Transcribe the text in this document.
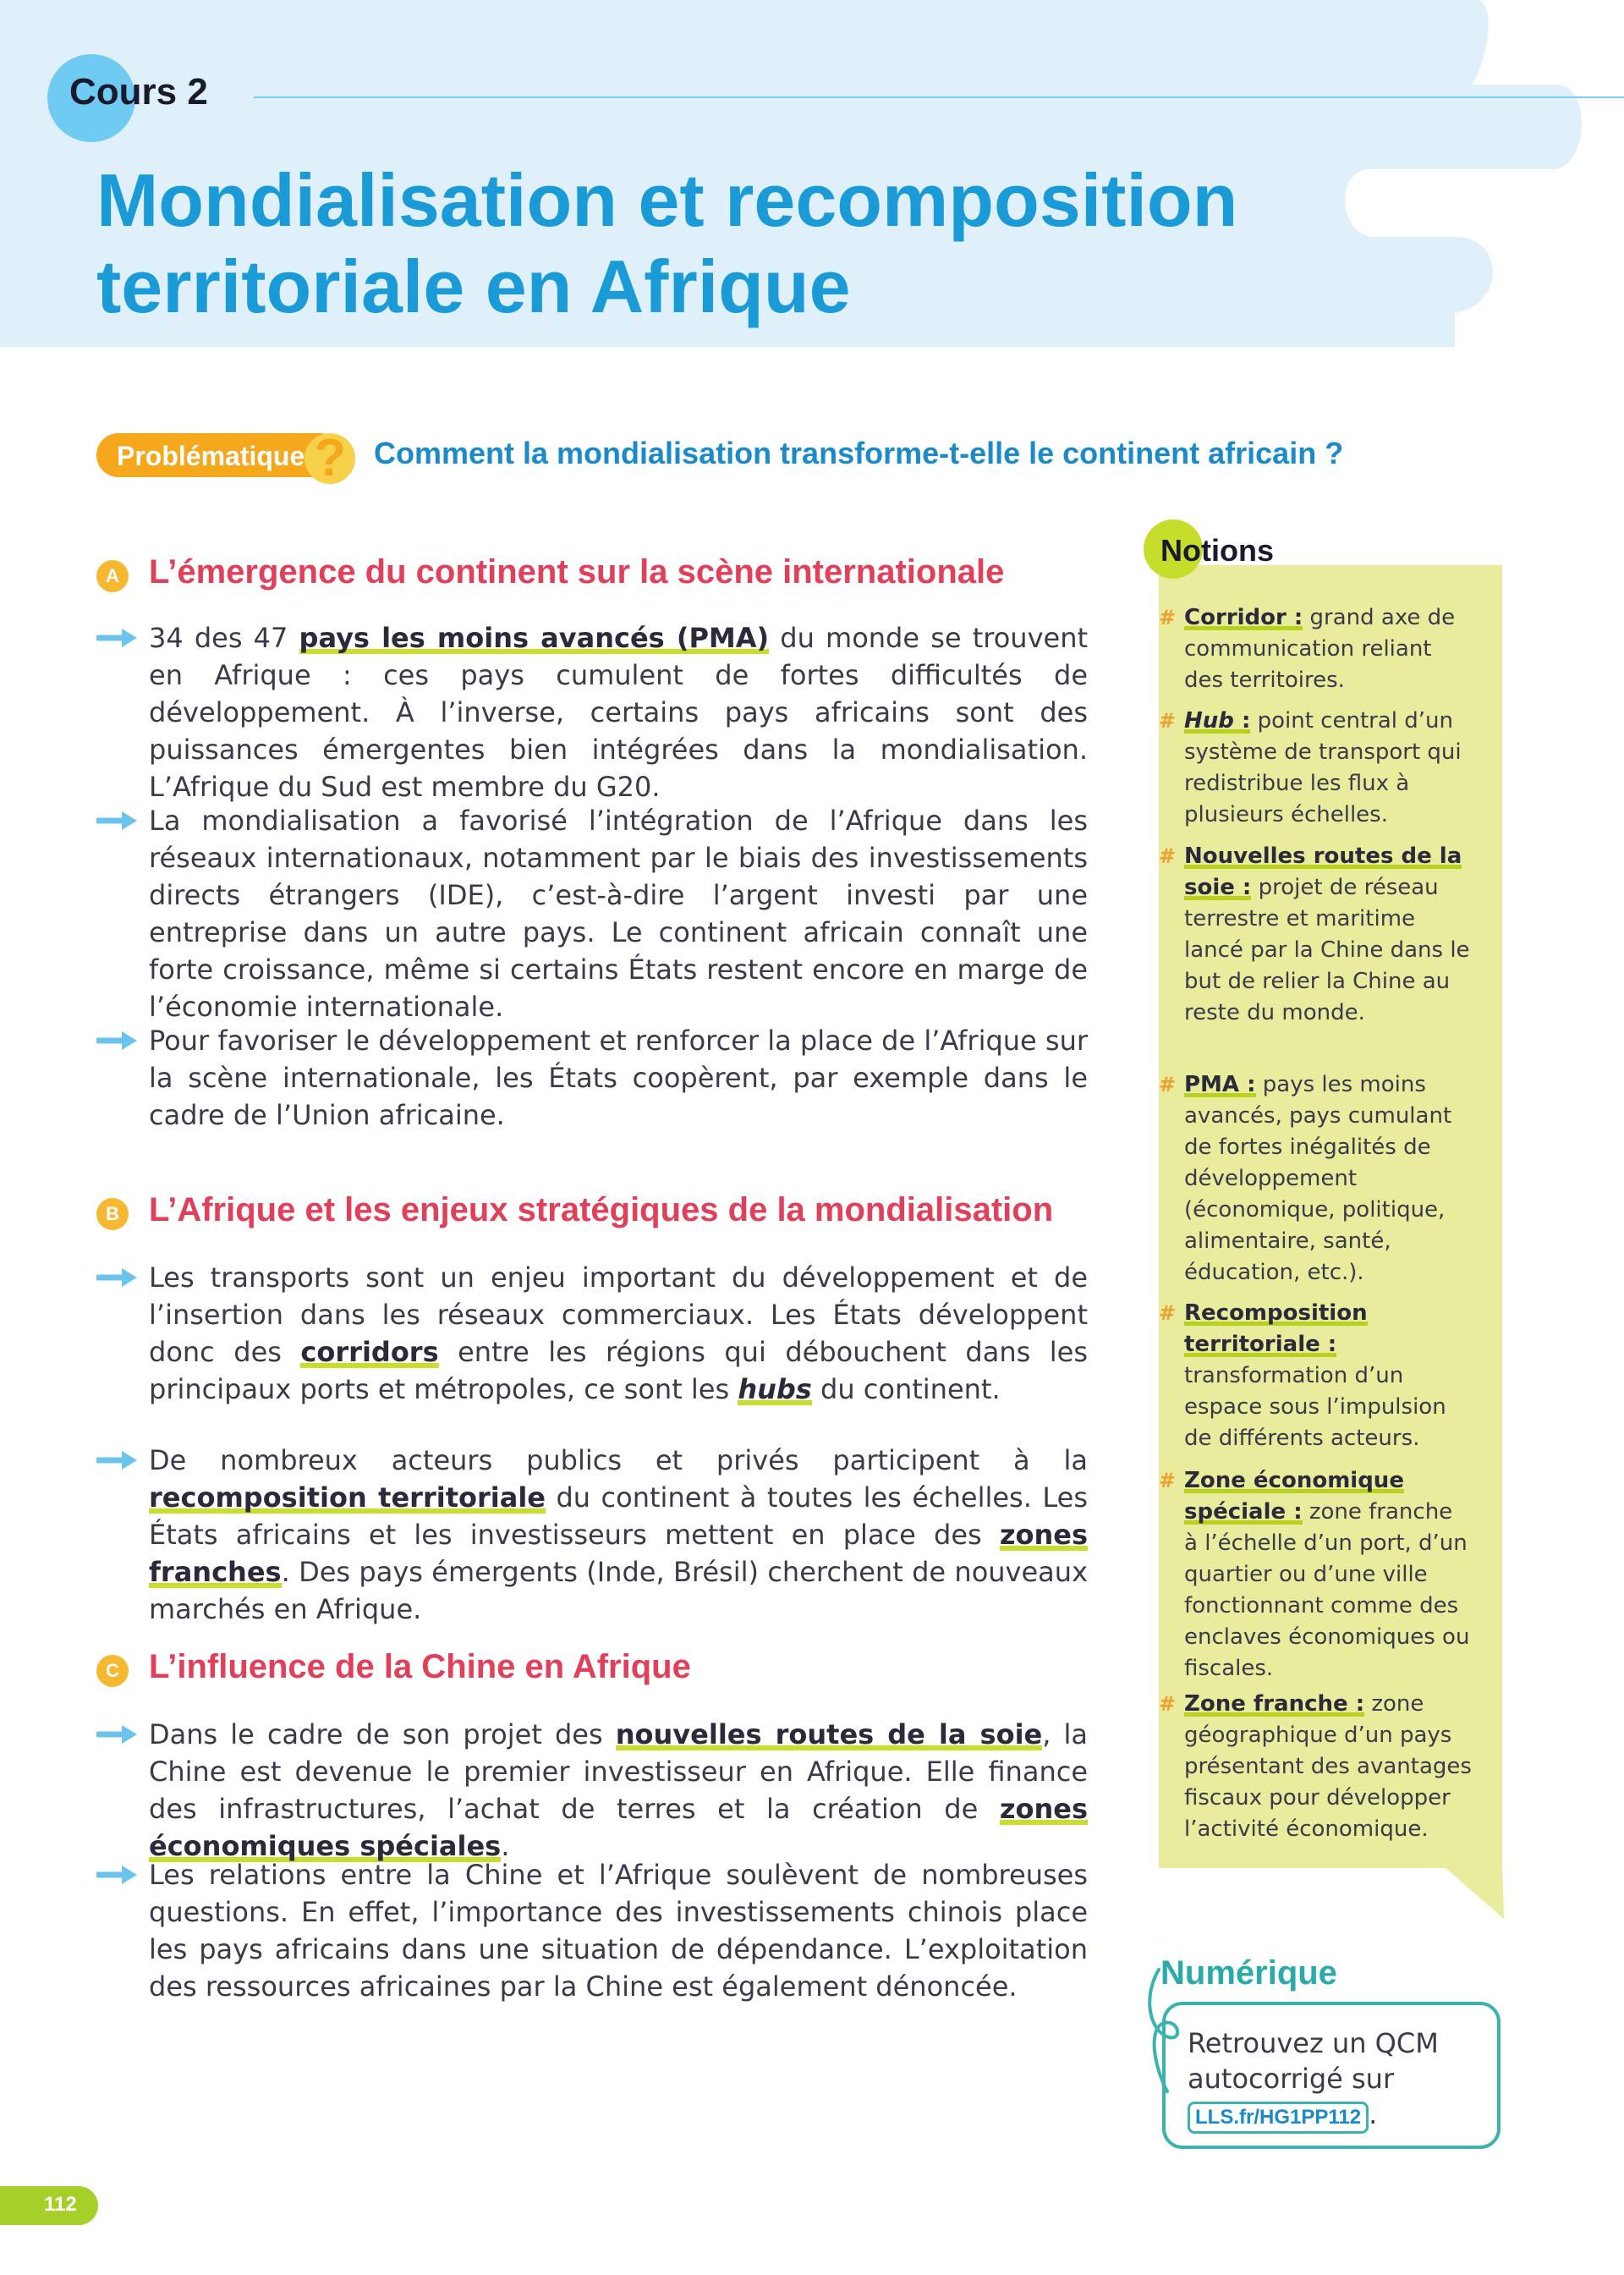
Cours 2
Mondialisation et recomposition territoriale en Afrique
Problématique ? Comment la mondialisation transforme-t-elle le continent africain ?
A L’émergence du continent sur la scène internationale

34 des 47 pays les moins avancés (PMA) du monde se trouvent en Afrique : ces pays cumulent de fortes difficultés de développement. À l’inverse, certains pays africains sont des puissances émergentes bien intégrées dans la mondialisation. L’Afrique du Sud est membre du G20.

La mondialisation a favorisé l’intégration de l’Afrique dans les réseaux internationaux, notamment par le biais des investissements directs étrangers (IDE), c’est-à-dire l’argent investi par une entreprise dans un autre pays. Le continent africain connaît une forte croissance, même si certains États restent encore en marge de l’économie internationale.

Pour favoriser le développement et renforcer la place de l’Afrique sur la scène internationale, les États coopèrent, par exemple dans le cadre de l’Union africaine.

B L’Afrique et les enjeux stratégiques de la mondialisation

Les transports sont un enjeu important du développement et de l’insertion dans les réseaux commerciaux. Les États développent donc des corridors entre les régions qui débouchent dans les principaux ports et métropoles, ce sont les hubs du continent.

De nombreux acteurs publics et privés participent à la recomposition territoriale du continent à toutes les échelles. Les États africains et les investisseurs mettent en place des zones franches. Des pays émergents (Inde, Brésil) cherchent de nouveaux marchés en Afrique.

C L’influence de la Chine en Afrique

Dans le cadre de son projet des nouvelles routes de la soie, la Chine est devenue le premier investisseur en Afrique. Elle finance des infrastructures, l’achat de terres et la création de zones économiques spéciales.

Les relations entre la Chine et l’Afrique soulèvent de nombreuses questions. En effet, l’importance des investissements chinois place les pays africains dans une situation de dépendance. L’exploitation des ressources africaines par la Chine est également dénoncée.

Notions

# Corridor : grand axe de communication reliant des territoires.

# Hub : point central d’un système de transport qui redistribue les flux à plusieurs échelles.

# Nouvelles routes de la soie : projet de réseau terrestre et maritime lancé par la Chine dans le but de relier la Chine au reste du monde.

# PMA : pays les moins avancés, pays cumulant de fortes inégalités de développement (économique, politique, alimentaire, santé, éducation, etc.).

# Recomposition territoriale : transformation d’un espace sous l’impulsion de différents acteurs.

# Zone économique spéciale : zone franche à l’échelle d’un port, d’un quartier ou d’une ville fonctionnant comme des enclaves économiques ou fiscales.

# Zone franche : zone géographique d’un pays présentant des avantages fiscaux pour développer l’activité économique.

Numérique

Retrouvez un QCM autocorrigé sur LLS.fr/HG1PP112 .

112
